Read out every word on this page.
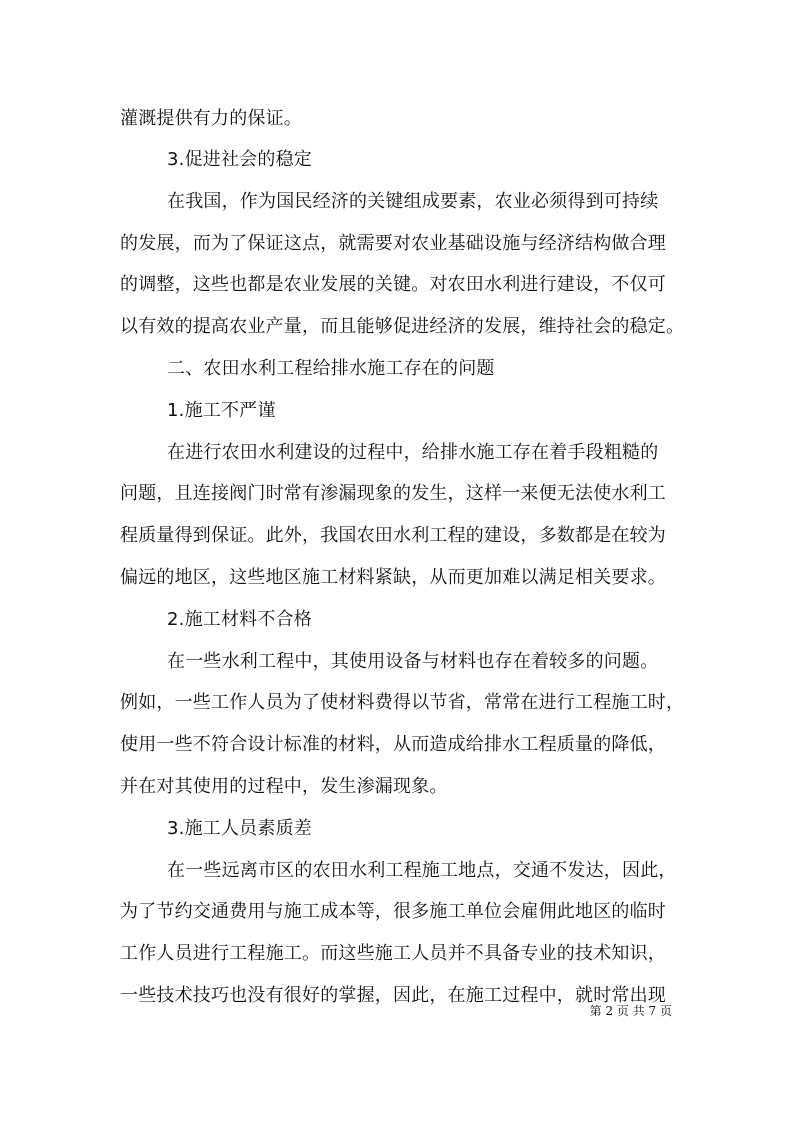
灌溉提供有力的保证。
3.促进社会的稳定
在我国，作为国民经济的关键组成要素，农业必须得到可持续
的发展，而为了保证这点，就需要对农业基础设施与经济结构做合理
的调整，这些也都是农业发展的关键。对农田水利进行建设，不仅可
以有效的提高农业产量，而且能够促进经济的发展，维持社会的稳定。
二、农田水利工程给排水施工存在的问题
1.施工不严谨
在进行农田水利建设的过程中，给排水施工存在着手段粗糙的
问题，且连接阀门时常有渗漏现象的发生，这样一来便无法使水利工
程质量得到保证。此外，我国农田水利工程的建设，多数都是在较为
偏远的地区，这些地区施工材料紧缺，从而更加难以满足相关要求。
2.施工材料不合格
在一些水利工程中，其使用设备与材料也存在着较多的问题。
例如，一些工作人员为了使材料费得以节省，常常在进行工程施工时，
使用一些不符合设计标准的材料，从而造成给排水工程质量的降低，
并在对其使用的过程中，发生渗漏现象。
3.施工人员素质差
在一些远离市区的农田水利工程施工地点，交通不发达，因此，
为了节约交通费用与施工成本等，很多施工单位会雇佣此地区的临时
工作人员进行工程施工。而这些施工人员并不具备专业的技术知识，
一些技术技巧也没有很好的掌握，因此，在施工过程中，就时常出现
第 2 页 共 7 页
